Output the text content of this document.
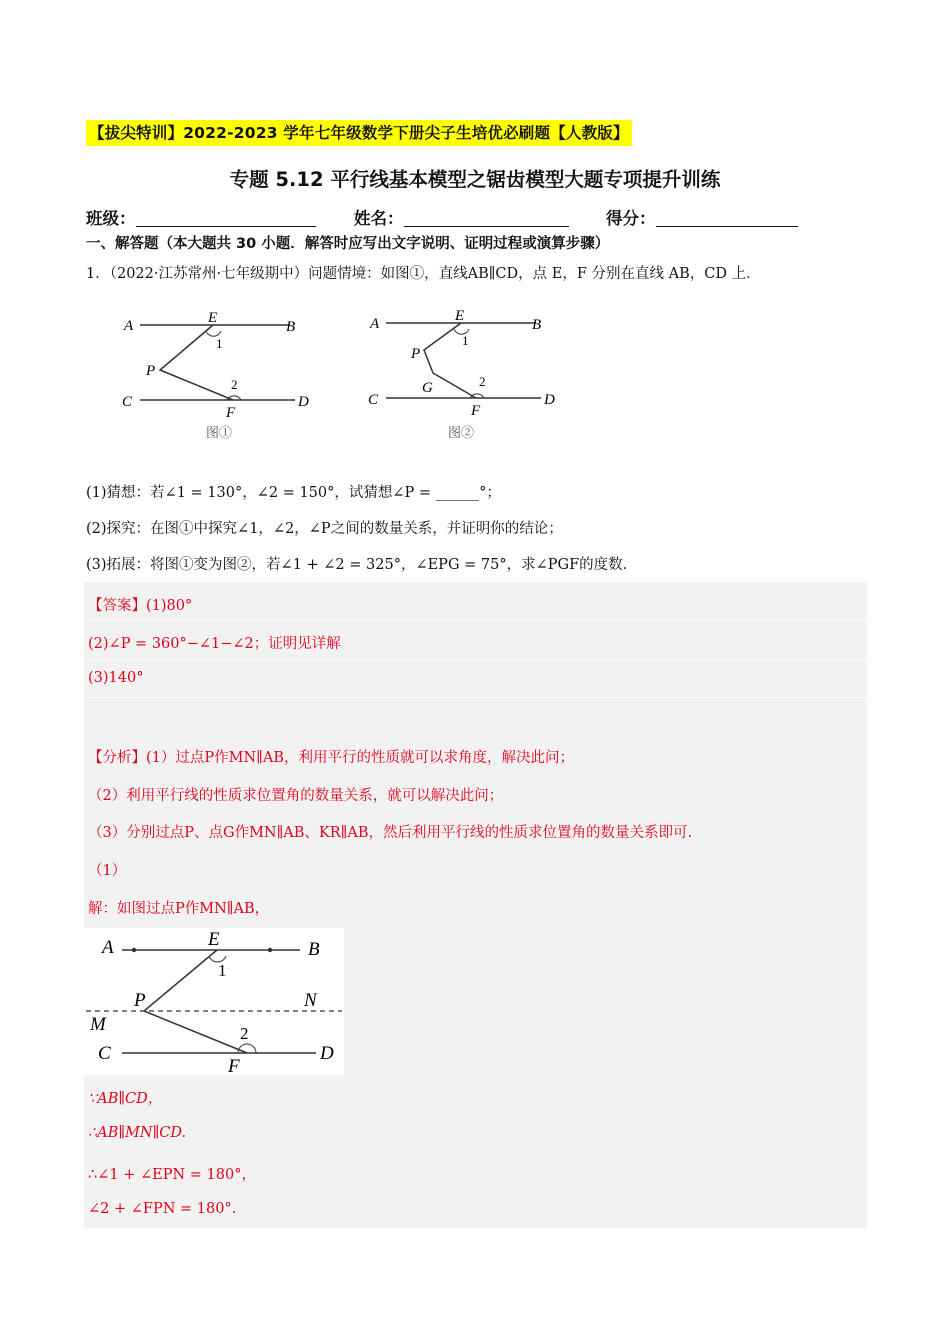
【拔尖特训】2022-2023 学年七年级数学下册尖子生培优必刷题【人教版】
专题 5.12 平行线基本模型之锯齿模型大题专项提升训练
班级：	姓名：	得分：
一、解答题（本大题共 30 小题．解答时应写出文字说明、证明过程或演算步骤）
1．（2022·江苏常州·七年级期中）问题情境：如图①，直线AB∥CD，点 E，F 分别在直线 AB，CD 上．
A	E
B
1
P
2
C
F
D
图①
A	E
B
1
P
G	2
C
F
D
图②
(1)猜想：若∠1 = 130°，∠2 = 150°，试猜想∠P = ______°；
(2)探究：在图①中探究∠1，∠2，∠P之间的数量关系，并证明你的结论；
(3)拓展：将图①变为图②，若∠1 + ∠2 = 325°，∠EPG = 75°，求∠PGF的度数．
【答案】(1)80°
(2)∠P = 360°−∠1−∠2；证明见详解
(3)140°
【分析】(1）过点P作MN∥AB，利用平行的性质就可以求角度，解决此问；
（2）利用平行线的性质求位置角的数量关系，就可以解决此问；
（3）分别过点P、点G作MN∥AB、KR∥AB，然后利用平行线的性质求位置角的数量关系即可.
（1）
解：如图过点P作MN∥AB，
A	E	B
1
P	N
M	2
C
F
D
∵AB∥CD，
∴AB∥MN∥CD.
∴∠1 + ∠EPN = 180°，
∠2 + ∠FPN = 180°.
